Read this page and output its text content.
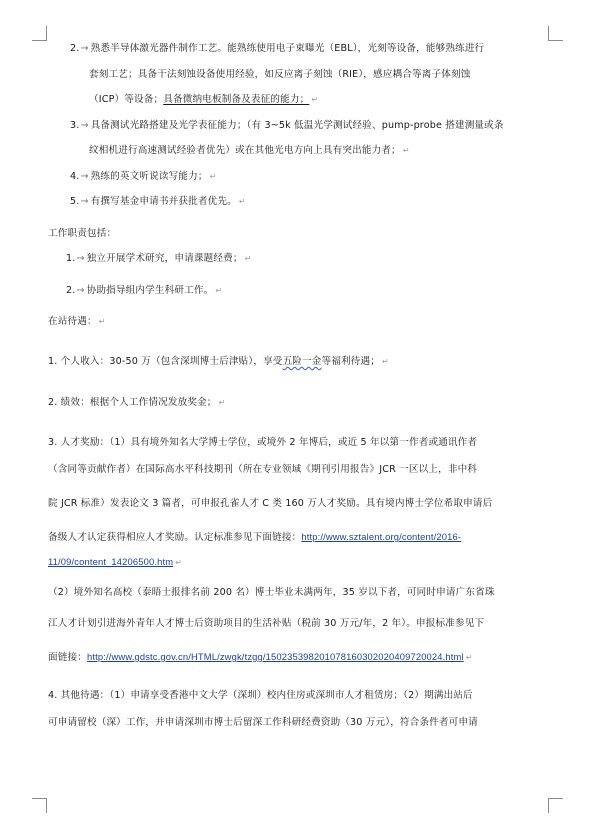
2.→ 熟悉半导体激光器件制作工艺。能熟练使用电子束曝光（EBL），光刻等设备，能够熟练进行
套刻工艺；具备干法刻蚀设备使用经验，如反应离子刻蚀（RIE），感应耦合等离子体刻蚀
（ICP）等设备；具备微纳电板制备及表征的能力； ↵
3.→ 具备测试光路搭建及光学表征能力；（有 3~5k 低温光学测试经验、pump-probe 搭建测量或条
纹相机进行高速测试经验者优先）或在其他光电方向上具有突出能力者； ↵
4.→ 熟练的英文听说读写能力； ↵
5.→ 有撰写基金申请书并获批者优先。 ↵
工作职责包括：
1.→ 独立开展学术研究，申请课题经费； ↵
2.→ 协助指导组内学生科研工作。 ↵
在站待遇： ↵
1. 个人收入：30-50 万（包含深圳博士后津贴），享受五险一金等福利待遇； ↵
2. 绩效：根据个人工作情况发放奖金； ↵
3. 人才奖励：（1）具有境外知名大学博士学位，或境外 2 年博后，或近 5 年以第一作者或通讯作者
（含同等贡献作者）在国际高水平科技期刊（所在专业领域《期刊引用报告》JCR 一区以上，非中科
院 JCR 标准）发表论文 3 篇者，可申报孔雀人才 C 类 160 万人才奖励。具有境内博士学位希取申请后
备级人才认定获得相应人才奖励。认定标准参见下面链接：http://www.sztalent.org/content/2016-
11/09/content_14206500.htm ↵
（2）境外知名高校（泰晤士报排名前 200 名）博士毕业未满两年，35 岁以下者，可同时申请广东省珠
江人才计划引进海外青年人才博士后资助项目的生活补贴（税前 30 万元/年，2 年）。申报标准参见下
面链接：http://www.gdstc.gov.cn/HTML/zwgk/tzgg/1502353982010781603020​2040972​0024.html ↵
4. 其他待遇：（1）申请享受香港中文大学（深圳）校内住房或深圳市人才租赁房；（2）期满出站后
可申请留校（深）工作，并申请深圳市博士后留深工作科研经费资助（30 万元），符合条件者可申请
